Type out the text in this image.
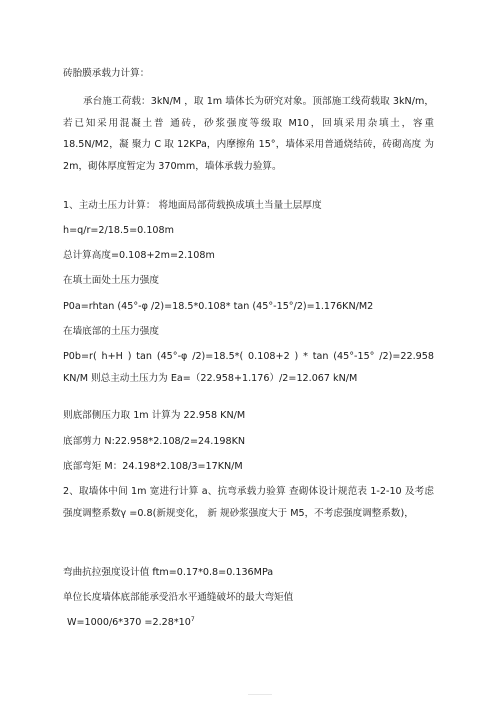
砖胎膜承载力计算：
承台施工荷载：3kN/M ，取 1m 墙体长为研究对象。顶部施工线荷载取 3kN/m，若已知采用混凝土普 通砖，砂浆强度等级取 M10，回填采用杂填土，容重 18.5N/M2，凝 聚力 C 取 12KPa，内摩擦角 15°，墙体采用普通烧结砖，砖砌高度 为 2m，砌体厚度暂定为 370mm，墙体承载力验算。
1、主动土压力计算： 将地面局部荷载换成填土当量土层厚度
h=q/r=2/18.5=0.108m
总计算高度=0.108+2m=2.108m
在填土面处土压力强度
P0a=rhtan (45°-φ /2)=18.5*0.108* tan (45°-15°/2)=1.176KN/M2
在墙底部的土压力强度
P0b=r( h+H ) tan (45°-φ /2)=18.5*( 0.108+2 ) * tan (45°-15° /2)=22.958 KN/M 则总主动土压力为 Ea=（22.958+1.176）/2=12.067 kN/M
则底部侧压力取 1m 计算为 22.958 KN/M
底部剪力 N:22.958*2.108/2=24.198KN
底部弯矩 M：24.198*2.108/3=17KN/M
2、取墙体中间 1m 宽进行计算 a、抗弯承载力验算 查砌体设计规范表 1-2-10 及考虑强度调整系数γ =0.8(新规变化， 新 规砂浆强度大于 M5，不考虑强度调整系数)，
弯曲抗拉强度设计值 ftm=0.17*0.8=0.136MPa
单位长度墙体底部能承受沿水平通缝破坏的最大弯矩值
$W=1000/6*370 =2.28*10^7$
